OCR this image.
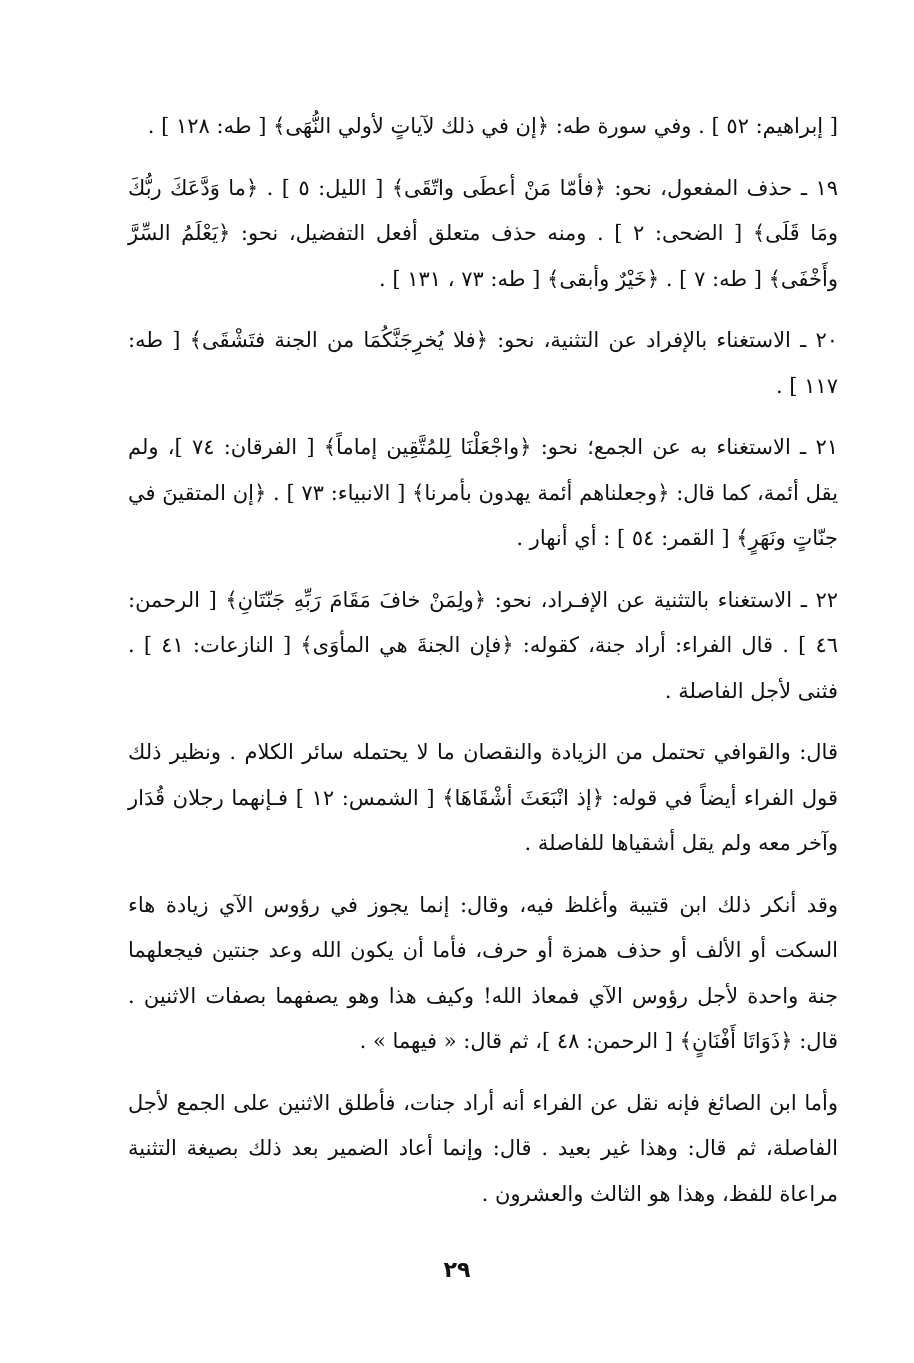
[ إبراهيم: ٥٢ ] . وفي سورة طه: ﴿إن في ذلك لآياتٍ لأولي النُّهَى﴾ [ طه: ١٢٨ ] .

١٩ ـ حذف المفعول، نحو: ﴿فأمّا مَنْ أعطَى واتّقَى﴾ [ الليل: ٥ ] . ﴿ما وَدَّعَكَ ربُّكَ ومَا قَلَى﴾ [ الضحى: ٢ ] . ومنه حذف متعلق أفعل التفضيل، نحو: ﴿يَعْلَمُ السِّرَّ وأَخْفَى﴾ [ طه: ٧ ] . ﴿خَيْرٌ وأبقى﴾ [ طه: ٧٣ ، ١٣١ ] .

٢٠ ـ الاستغناء بالإفراد عن التثنية، نحو: ﴿فلا يُخرِجَنَّكُمَا من الجنة فتَشْقَى﴾ [ طه: ١١٧ ] .

٢١ ـ الاستغناء به عن الجمع؛ نحو: ﴿واجْعَلْنَا لِلمُتَّقِين إماماً﴾ [ الفرقان: ٧٤ ]، ولم يقل أئمة، كما قال: ﴿وجعلناهم أئمة يهدون بأمرنا﴾ [ الانبياء: ٧٣ ] . ﴿إن المتقينَ في جنّاتٍ ونَهَرٍ﴾ [ القمر: ٥٤ ] : أي أنهار .

٢٢ ـ الاستغناء بالتثنية عن الإفـراد، نحو: ﴿ولِمَنْ خافَ مَقَامَ رَبِّهِ جَنّتَانِ﴾ [ الرحمن: ٤٦ ] . قال الفراء: أراد جنة، كقوله: ﴿فإن الجنةَ هي المأوَى﴾ [ النازعات: ٤١ ] . فثنى لأجل الفاصلة .

قال: والقوافي تحتمل من الزيادة والنقصان ما لا يحتمله سائر الكلام . ونظير ذلك قول الفراء أيضاً في قوله: ﴿إذ انْبَعَثَ أشْقَاهَا﴾ [ الشمس: ١٢ ] فـإنهما رجلان قُدَار وآخر معه ولم يقل أشقياها للفاصلة .

وقد أنكر ذلك ابن قتيبة وأغلظ فيه، وقال: إنما يجوز في رؤوس الآي زيادة هاء السكت أو الألف أو حذف همزة أو حرف، فأما أن يكون الله وعد جنتين فيجعلهما جنة واحدة لأجل رؤوس الآي فمعاذ الله! وكيف هذا وهو يصفهما بصفات الاثنين . قال: ﴿ذَوَاتَا أَفْنَانٍ﴾ [ الرحمن: ٤٨ ]، ثم قال: « فيهما » .

وأما ابن الصائغ فإنه نقل عن الفراء أنه أراد جنات، فأطلق الاثنين على الجمع لأجل الفاصلة، ثم قال: وهذا غير بعيد . قال: وإنما أعاد الضمير بعد ذلك بصيغة التثنية مراعاة للفظ، وهذا هو الثالث والعشرون .

٢٩
